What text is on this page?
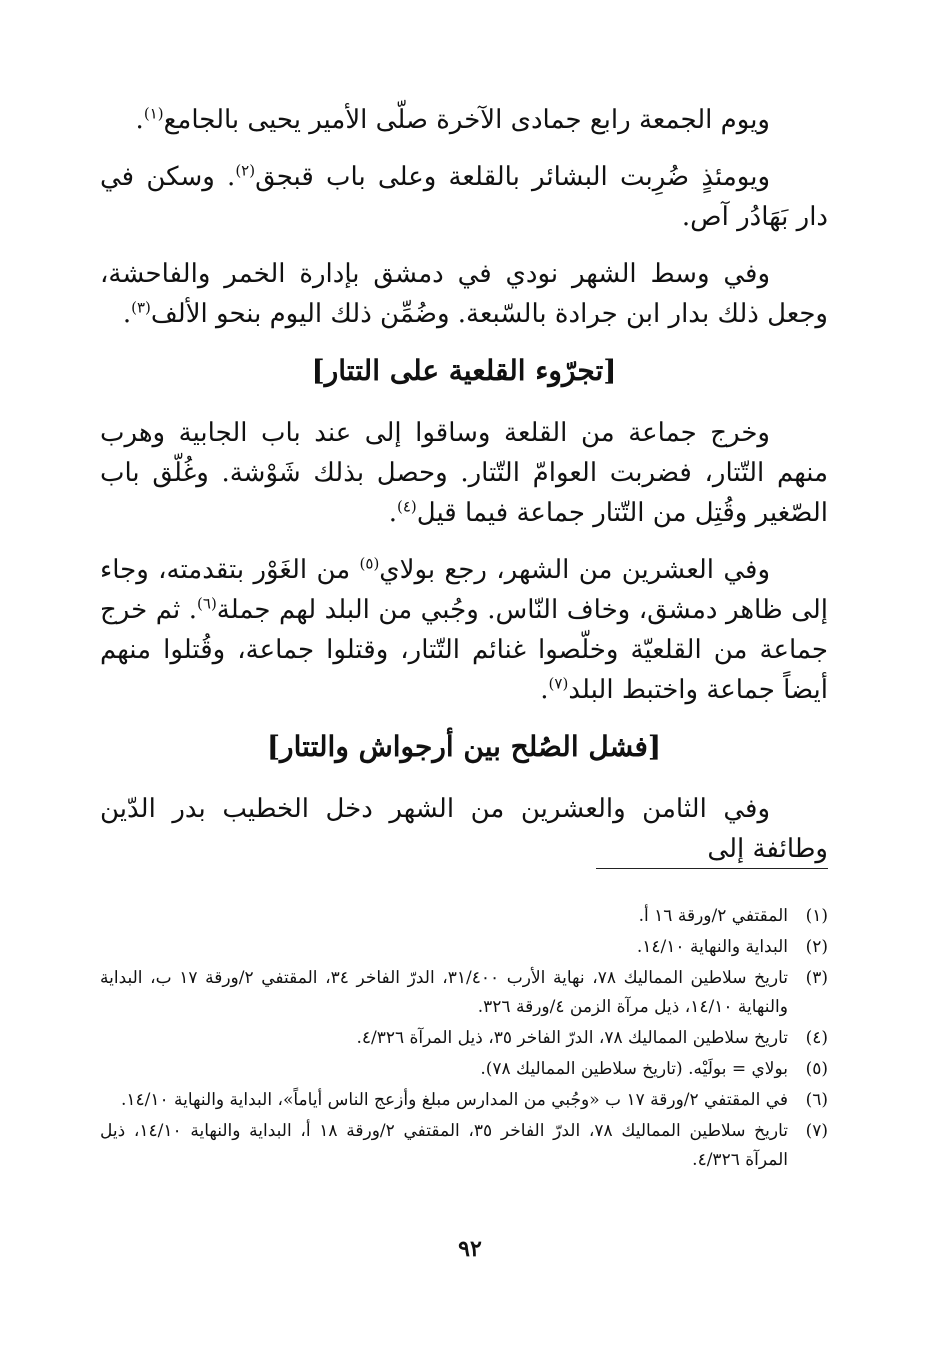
ويوم الجمعة رابع جمادى الآخرة صلّى الأمير يحيى بالجامع$^{(١)}$.

ويومئذٍ ضُرِبت البشائر بالقلعة وعلى باب قبجق$^{(٢)}$. وسكن في دار بَهَادُر آص.

وفي وسط الشهر نودي في دمشق بإدارة الخمر والفاحشة، وجعل ذلك بدار ابن جرادة بالسّبعة. وضُمِّن ذلك اليوم بنحو الألف$^{(٣)}$.

[تجرّوء القلعية على التتار]

وخرج جماعة من القلعة وساقوا إلى عند باب الجابية وهرب منهم التّتار، فضربت العوامّ التّتار. وحصل بذلك شَوْشة. وغُلّق باب الصّغير وقُتِل من التّتار جماعة فيما قيل$^{(٤)}$.

وفي العشرين من الشهر، رجع بولاي$^{(٥)}$ من الغَوْر بتقدمته، وجاء إلى ظاهر دمشق، وخاف النّاس. وجُبي من البلد لهم جملة$^{(٦)}$. ثم خرج جماعة من القلعيّة وخلّصوا غنائم التّتار، وقتلوا جماعة، وقُتلوا منهم أيضاً جماعة واختبط البلد$^{(٧)}$.

[فشل الصُلح بين أرجواش والتتار]

وفي الثامن والعشرين من الشهر دخل الخطيب بدر الدّين وطائفة إلى

(١)
المقتفي ٢/ورقة ١٦ أ.
(٢)
البداية والنهاية ١٤/١٠.
(٣)
تاريخ سلاطين المماليك ٧٨، نهاية الأرب ٣١/٤٠٠، الدرّ الفاخر ٣٤، المقتفي ٢/ورقة ١٧ ب، البداية والنهاية ١٤/١٠، ذيل مرآة الزمن ٤/ورقة ٣٢٦.
(٤)
تاريخ سلاطين المماليك ٧٨، الدرّ الفاخر ٣٥، ذيل المرآة ٤/٣٢٦.
(٥)
بولاي = بولَيْه. (تاريخ سلاطين المماليك ٧٨).
(٦)
في المقتفي ٢/ورقة ١٧ ب «وجُبي من المدارس مبلغ وأزعج الناس أياماً»، البداية والنهاية ١٤/١٠.
(٧)
تاريخ سلاطين المماليك ٧٨، الدرّ الفاخر ٣٥، المقتفي ٢/ورقة ١٨ أ، البداية والنهاية ١٤/١٠، ذيل المرآة ٤/٣٢٦.
٩٢
